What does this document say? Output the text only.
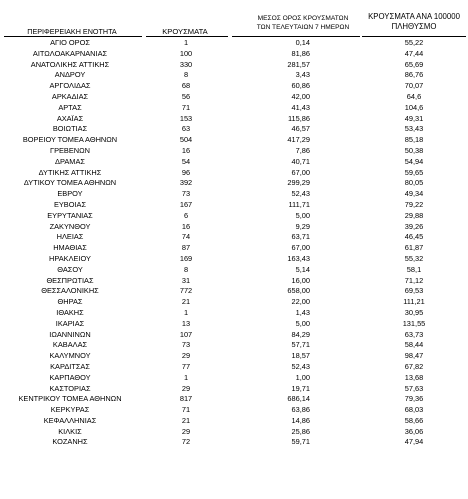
ΠΕΡΙΦΕΡΕΙΑΚΗ ΕΝΟΤΗΤΑ	ΚΡΟΥΣΜΑΤΑ
ΜΕΣΟΣ ΟΡΟΣ ΚΡΟΥΣΜΑΤΩΝ
ΤΩΝ ΤΕΛΕΥΤΑΙΩΝ 7 ΗΜΕΡΩΝ
ΚΡΟΥΣΜΑΤΑ ΑΝΑ 100000
ΠΛΗΘΥΣΜΟ
ΑΓΙΟ ΟΡΟΣ	1	0,14	55,22
ΑΙΤΩΛΟΑΚΑΡΝΑΝΙΑΣ	100	81,86	47,44
ΑΝΑΤΟΛΙΚΗΣ ΑΤΤΙΚΗΣ	330	281,57	65,69
ΑΝΔΡΟΥ	8	3,43	86,76
ΑΡΓΟΛΙΔΑΣ	68	60,86	70,07
ΑΡΚΑΔΙΑΣ	56	42,00	64,6
ΑΡΤΑΣ	71	41,43	104,6
ΑΧΑΪΑΣ	153	115,86	49,31
ΒΟΙΩΤΙΑΣ	63	46,57	53,43
ΒΟΡΕΙΟΥ ΤΟΜΕΑ ΑΘΗΝΩΝ	504	417,29	85,18
ΓΡΕΒΕΝΩΝ	16	7,86	50,38
ΔΡΑΜΑΣ	54	40,71	54,94
ΔΥΤΙΚΗΣ ΑΤΤΙΚΗΣ	96	67,00	59,65
ΔΥΤΙΚΟΥ ΤΟΜΕΑ ΑΘΗΝΩΝ	392	299,29	80,05
ΕΒΡΟΥ	73	52,43	49,34
ΕΥΒΟΙΑΣ	167	111,71	79,22
ΕΥΡΥΤΑΝΙΑΣ	6	5,00	29,88
ΖΑΚΥΝΘΟΥ	16	9,29	39,26
ΗΛΕΙΑΣ	74	63,71	46,45
ΗΜΑΘΙΑΣ	87	67,00	61,87
ΗΡΑΚΛΕΙΟΥ	169	163,43	55,32
ΘΑΣΟΥ	8	5,14	58,1
ΘΕΣΠΡΩΤΙΑΣ	31	16,00	71,12
ΘΕΣΣΑΛΟΝΙΚΗΣ	772	658,00	69,53
ΘΗΡΑΣ	21	22,00	111,21
ΙΘΑΚΗΣ	1	1,43	30,95
ΙΚΑΡΙΑΣ	13	5,00	131,55
ΙΩΑΝΝΙΝΩΝ	107	84,29	63,73
ΚΑΒΑΛΑΣ	73	57,71	58,44
ΚΑΛΥΜΝΟΥ	29	18,57	98,47
ΚΑΡΔΙΤΣΑΣ	77	52,43	67,82
ΚΑΡΠΑΘΟΥ	1	1,00	13,68
ΚΑΣΤΟΡΙΑΣ	29	19,71	57,63
ΚΕΝΤΡΙΚΟΥ ΤΟΜΕΑ ΑΘΗΝΩΝ	817	686,14	79,36
ΚΕΡΚΥΡΑΣ	71	63,86	68,03
ΚΕΦΑΛΛΗΝΙΑΣ	21	14,86	58,66
ΚΙΛΚΙΣ	29	25,86	36,06
ΚΟΖΑΝΗΣ	72	59,71	47,94
